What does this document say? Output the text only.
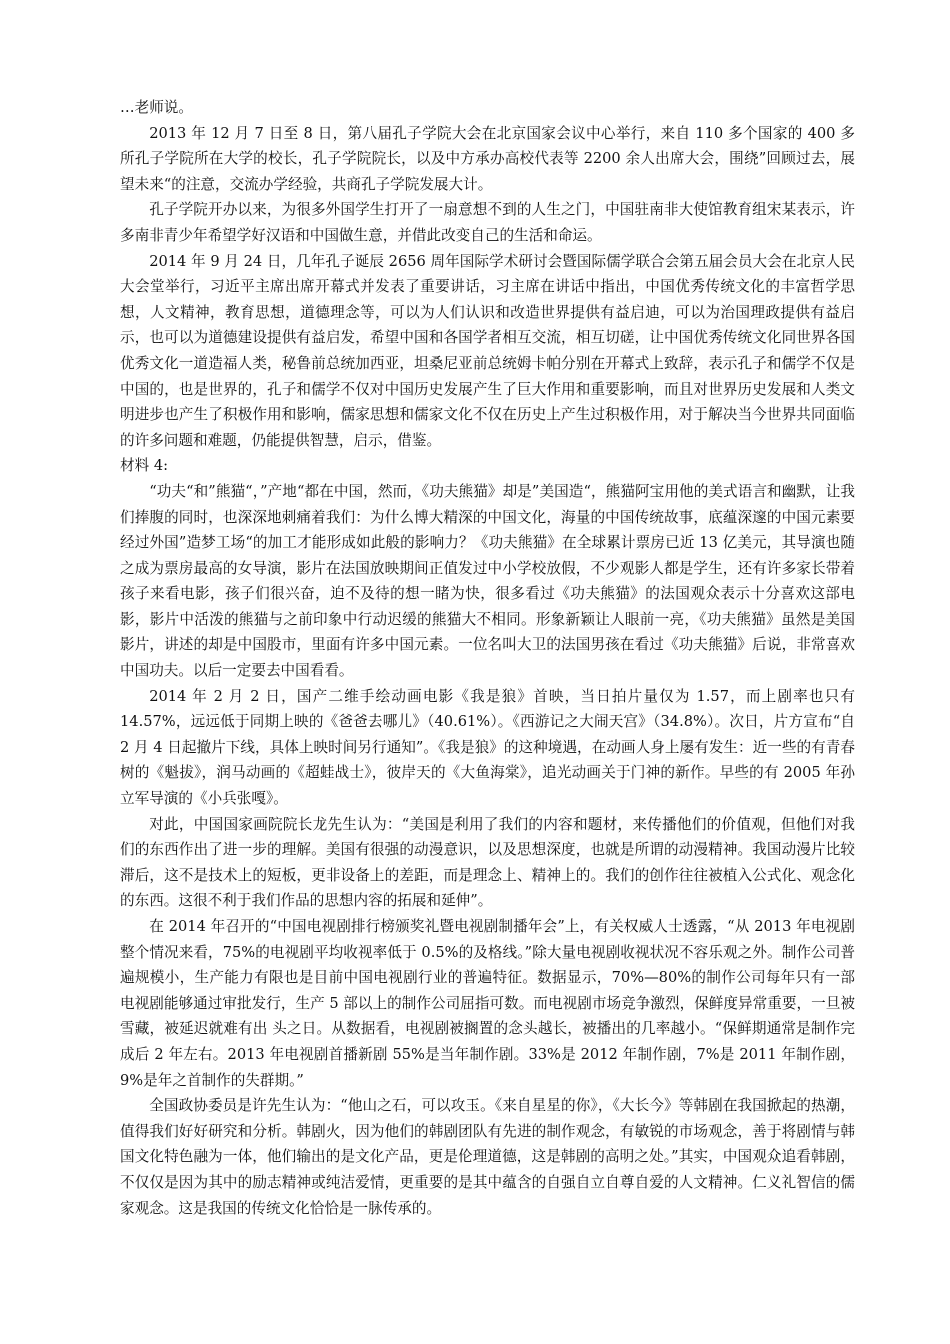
…老师说。

2013 年 12 月 7 日至 8 日，第八届孔子学院大会在北京国家会议中心举行，来自 110 多个国家的 400 多所孔子学院所在大学的校长，孔子学院院长，以及中方承办高校代表等 2200 余人出席大会，围绕”回顾过去，展望未来“的注意，交流办学经验，共商孔子学院发展大计。

孔子学院开办以来，为很多外国学生打开了一扇意想不到的人生之门，中国驻南非大使馆教育组宋某表示，许多南非青少年希望学好汉语和中国做生意，并借此改变自己的生活和命运。

2014 年 9 月 24 日，几年孔子诞辰 2656 周年国际学术研讨会暨国际儒学联合会第五届会员大会在北京人民大会堂举行，习近平主席出席开幕式并发表了重要讲话，习主席在讲话中指出，中国优秀传统文化的丰富哲学思想，人文精神，教育思想，道德理念等，可以为人们认识和改造世界提供有益启迪，可以为治国理政提供有益启示，也可以为道德建设提供有益启发，希望中国和各国学者相互交流，相互切磋，让中国优秀传统文化同世界各国优秀文化一道造福人类，秘鲁前总统加西亚，坦桑尼亚前总统姆卡帕分别在开幕式上致辞，表示孔子和儒学不仅是中国的，也是世界的，孔子和儒学不仅对中国历史发展产生了巨大作用和重要影响，而且对世界历史发展和人类文明进步也产生了积极作用和影响，儒家思想和儒家文化不仅在历史上产生过积极作用，对于解决当今世界共同面临的许多问题和难题，仍能提供智慧，启示，借鉴。

材料 4:

“功夫“和”熊猫“，”产地“都在中国，然而，《功夫熊猫》却是”美国造“，熊猫阿宝用他的美式语言和幽默，让我们捧腹的同时，也深深地刺痛着我们：为什么博大精深的中国文化，海量的中国传统故事，底蕴深邃的中国元素要经过外国”造梦工场“的加工才能形成如此般的影响力？《功夫熊猫》在全球累计票房已近 13 亿美元，其导演也随之成为票房最高的女导演，影片在法国放映期间正值发过中小学校放假，不少观影人都是学生，还有许多家长带着孩子来看电影，孩子们很兴奋，迫不及待的想一睹为快，很多看过《功夫熊猫》的法国观众表示十分喜欢这部电影，影片中活泼的熊猫与之前印象中行动迟缓的熊猫大不相同。形象新颖让人眼前一亮，《功夫熊猫》虽然是美国影片，讲述的却是中国股市，里面有许多中国元素。一位名叫大卫的法国男孩在看过《功夫熊猫》后说，非常喜欢中国功夫。以后一定要去中国看看。

2014 年 2 月 2 日，国产二维手绘动画电影《我是狼》首映，当日拍片量仅为 1.57，而上剧率也只有 14.57%，远远低于同期上映的《爸爸去哪儿》（40.61%）。《西游记之大闹天宫》（34.8%）。次日，片方宣布“自 2 月 4 日起撤片下线，具体上映时间另行通知”。《我是狼》的这种境遇，在动画人身上屡有发生：近一些的有青春树的《魁拔》，润马动画的《超蛙战士》，彼岸天的《大鱼海棠》，追光动画关于门神的新作。早些的有 2005 年孙立军导演的《小兵张嘎》。

对此，中国国家画院院长龙先生认为：“美国是利用了我们的内容和题材，来传播他们的价值观，但他们对我们的东西作出了进一步的理解。美国有很强的动漫意识，以及思想深度，也就是所谓的动漫精神。我国动漫片比较滞后，这不是技术上的短板，更非设备上的差距，而是理念上、精神上的。我们的创作往往被植入公式化、观念化的东西。这很不利于我们作品的思想内容的拓展和延伸”。

在 2014 年召开的“中国电视剧排行榜颁奖礼暨电视剧制播年会”上，有关权威人士透露，“从 2013 年电视剧整个情况来看，75%的电视剧平均收视率低于 0.5%的及格线。”除大量电视剧收视状况不容乐观之外。制作公司普遍规模小，生产能力有限也是目前中国电视剧行业的普遍特征。数据显示，70%—80%的制作公司每年只有一部电视剧能够通过审批发行，生产 5 部以上的制作公司屈指可数。而电视剧市场竞争激烈，保鲜度异常重要，一旦被雪藏，被延迟就难有出 头之日。从数据看，电视剧被搁置的念头越长，被播出的几率越小。“保鲜期通常是制作完成后 2 年左右。2013 年电视剧首播新剧 55%是当年制作剧。33%是 2012 年制作剧，7%是 2011 年制作剧，9%是年之首制作的失群期。”

全国政协委员是许先生认为：“他山之石，可以攻玉。《来自星星的你》，《大长今》等韩剧在我国掀起的热潮，值得我们好好研究和分析。韩剧火，因为他们的韩剧团队有先进的制作观念，有敏锐的市场观念，善于将剧情与韩国文化特色融为一体，他们输出的是文化产品，更是伦理道德，这是韩剧的高明之处。”其实，中国观众追看韩剧，不仅仅是因为其中的励志精神或纯洁爱情，更重要的是其中蕴含的自强自立自尊自爱的人文精神。仁义礼智信的儒家观念。这是我国的传统文化恰恰是一脉传承的。
